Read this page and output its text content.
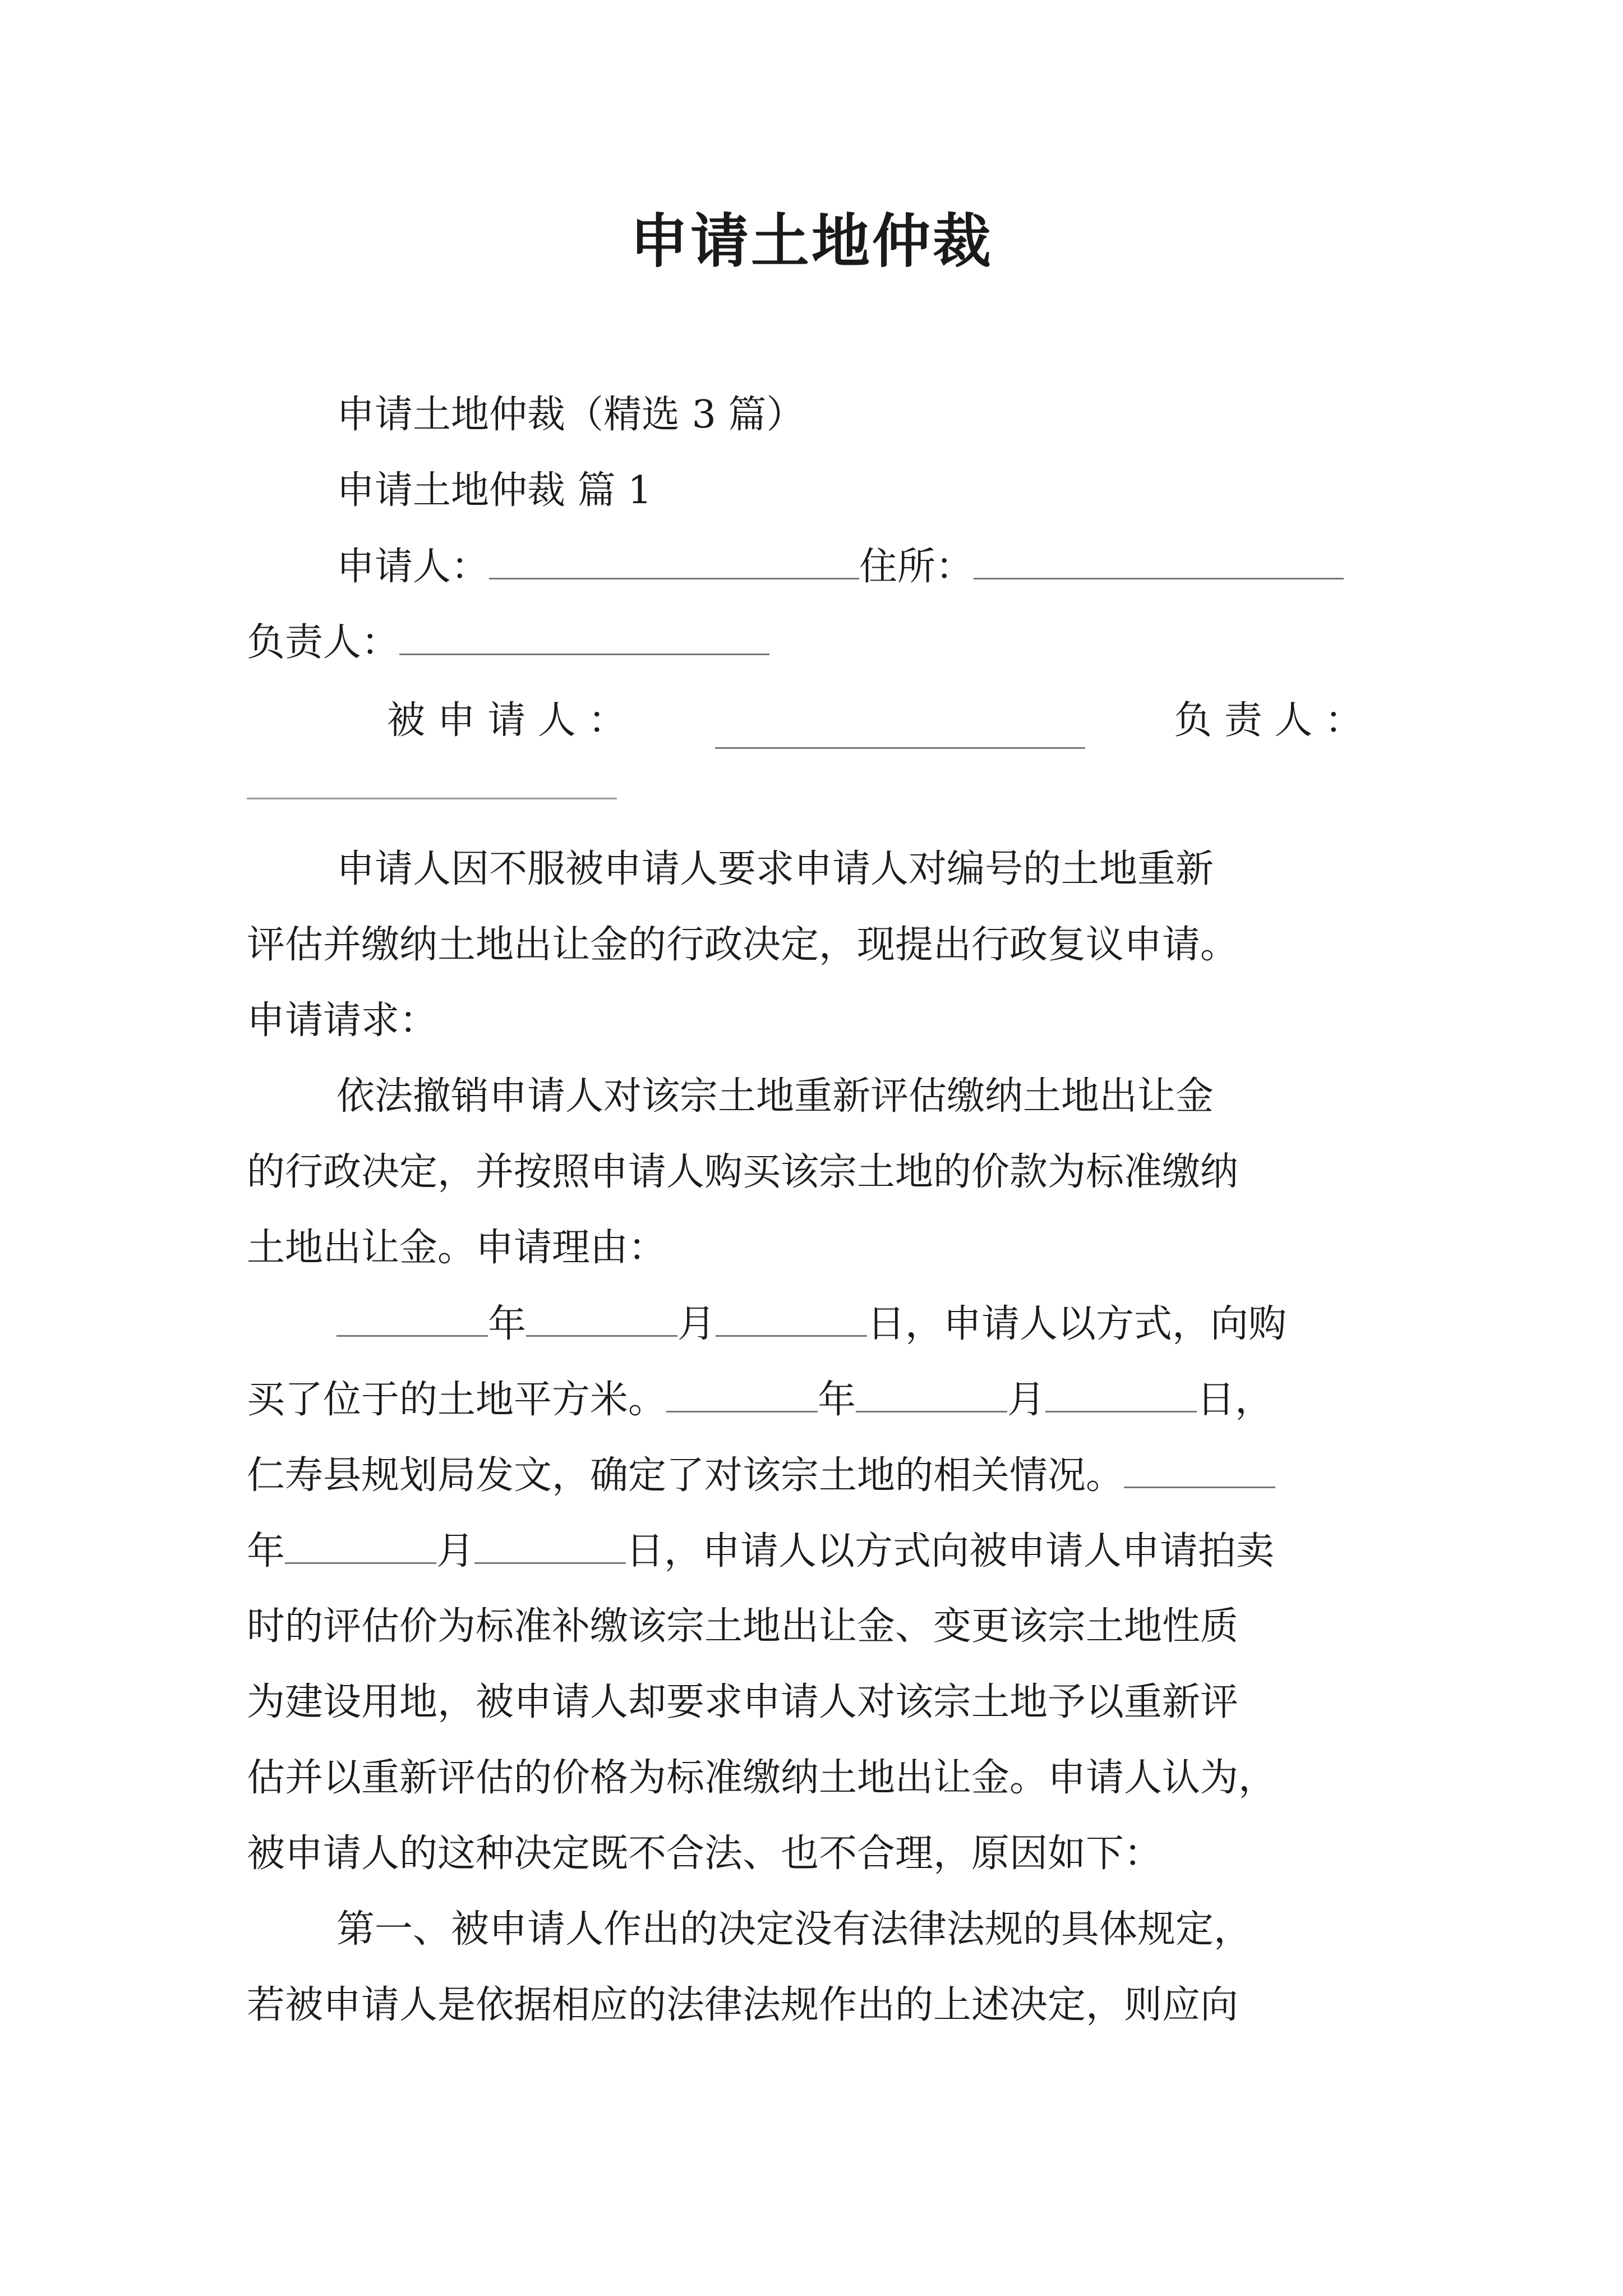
申请土地仲裁
申请土地仲裁（精选 3 篇）
申请土地仲裁 篇 1
申请人：	住所：
负责人：
被 申 请 人 ：	负 责 人 ：
申请人因不服被申请人要求申请人对编号的土地重新
评估并缴纳土地出让金的行政决定，现提出行政复议申请。
申请请求：
依法撤销申请人对该宗土地重新评估缴纳土地出让金
的行政决定，并按照申请人购买该宗土地的价款为标准缴纳
土地出让金。申请理由：
年	月	日，申请人以方式，向购
买了位于的土地平方米。	年	月	日，
仁寿县规划局发文，确定了对该宗土地的相关情况。
年	月	日，申请人以方式向被申请人申请拍卖
时的评估价为标准补缴该宗土地出让金、变更该宗土地性质
为建设用地，被申请人却要求申请人对该宗土地予以重新评
估并以重新评估的价格为标准缴纳土地出让金。申请人认为，
被申请人的这种决定既不合法、也不合理，原因如下：
第一、被申请人作出的决定没有法律法规的具体规定，
若被申请人是依据相应的法律法规作出的上述决定，则应向
